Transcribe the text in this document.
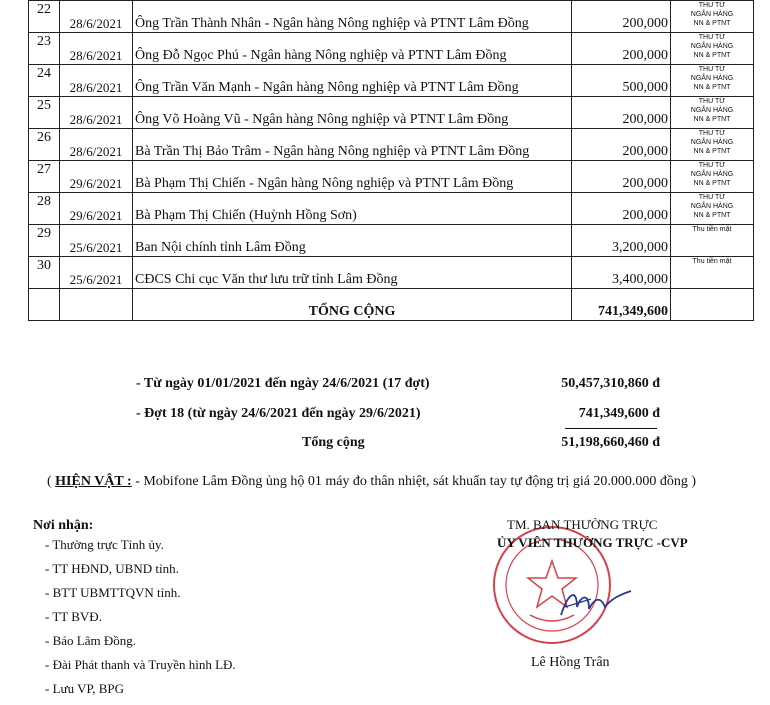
22	28/6/2021	Ông Trần Thành Nhân - Ngân hàng Nông nghiệp và PTNT Lâm Đồng	200,000	THU TỪ
NGÂN HÀNG
NN & PTNT

23	28/6/2021	Ông Đỗ Ngọc Phú - Ngân hàng Nông nghiệp và PTNT Lâm Đồng	200,000	THU TỪ
NGÂN HÀNG
NN & PTNT

24	28/6/2021	Ông Trần Văn Mạnh - Ngân hàng Nông nghiệp và PTNT Lâm Đồng	500,000	THU TỪ
NGÂN HÀNG
NN & PTNT

25	28/6/2021	Ông Võ Hoàng Vũ - Ngân hàng Nông nghiệp và PTNT Lâm Đồng	200,000	THU TỪ
NGÂN HÀNG
NN & PTNT

26	28/6/2021	Bà Trần Thị Bảo Trâm - Ngân hàng Nông nghiệp và PTNT Lâm Đồng	200,000	THU TỪ
NGÂN HÀNG
NN & PTNT

27	29/6/2021	Bà Phạm Thị Chiến - Ngân hàng Nông nghiệp và PTNT Lâm Đồng	200,000	THU TỪ
NGÂN HÀNG
NN & PTNT

28	29/6/2021	Bà Phạm Thị Chiến (Huỳnh Hồng Sơn)	200,000	THU TỪ
NGÂN HÀNG
NN & PTNT

29	25/6/2021	Ban Nội chính tỉnh Lâm Đồng	3,200,000	Thu tiền mặt

30	25/6/2021	CĐCS Chi cục Văn thư lưu trữ tỉnh Lâm Đồng	3,400,000	Thu tiền mặt

		TỔNG CỘNG	741,349,600	
- Từ ngày 01/01/2021 đến ngày 24/6/2021 (17 đợt)	50,457,310,860 đ
- Đợt 18 (từ ngày 24/6/2021 đến ngày 29/6/2021)	741,349,600 đ
Tổng cộng	51,198,660,460 đ
( HIỆN VẬT : - Mobifone Lâm Đồng ủng hộ 01 máy đo thân nhiệt, sát khuẩn tay tự động trị giá 20.000.000 đồng )
Nơi nhận:
- Thường trực Tỉnh ủy.
- TT HĐND, UBND tỉnh.
- BTT UBMTTQVN tỉnh.
- TT BVĐ.
- Báo Lâm Đồng.
- Đài Phát thanh và Truyền hình LĐ.
- Lưu VP, BPG
TM. BAN THƯỜNG TRỰC
ỦY VIÊN THƯỜNG TRỰC -CVP
Lê Hồng Trân
